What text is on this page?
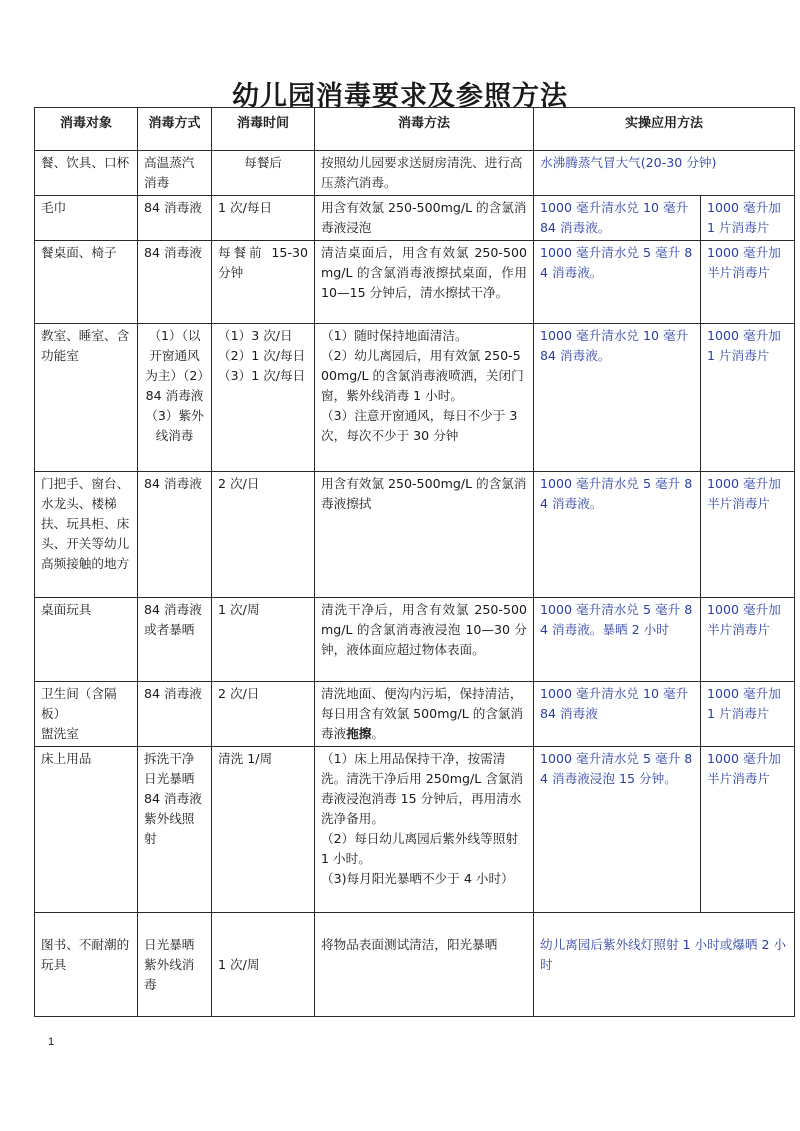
幼儿园消毒要求及参照方法
消毒对象	消毒方式	消毒时间	消毒方法	实操应用方法	
餐、饮具、口杯	高温蒸汽消毒	每餐后	按照幼儿园要求送厨房清洗、进行高压蒸汽消毒。	水沸腾蒸气冒大气(20-30 分钟)	
毛巾	84 消毒液	1 次/每日	用含有效氯 250-500mg/L 的含氯消毒液浸泡	1000 毫升清水兑 10 毫升 84 消毒液。	1000 毫升加 1 片消毒片
餐桌面、椅子	84 消毒液	每餐前 15-30 分钟	清洁桌面后，用含有效氯 250-500mg/L 的含氯消毒液擦拭桌面，作用 10—15 分钟后，清水擦拭干净。	1000 毫升清水兑 5 毫升 84 消毒液。	1000 毫升加半片消毒片
教室、睡室、含功能室	（1）（以开窗通风为主）（2）84 消毒液（3）紫外线消毒	（1）3 次/日
（2）1 次/每日
（3）1 次/每日	（1）随时保持地面清洁。
（2）幼儿离园后，用有效氯 250-500mg/L 的含氯消毒液喷洒，关闭门窗，紫外线消毒 1 小时。
（3）注意开窗通风，每日不少于 3 次，每次不少于 30 分钟	1000 毫升清水兑 10 毫升 84 消毒液。	1000 毫升加 1 片消毒片
门把手、窗台、水龙头、楼梯扶、玩具柜、床头、开关等幼儿高频接触的地方	84 消毒液	2 次/日	用含有效氯 250-500mg/L 的含氯消毒液擦拭	1000 毫升清水兑 5 毫升 84 消毒液。	1000 毫升加半片消毒片
桌面玩具	84 消毒液或者暴晒	1 次/周	清洗干净后，用含有效氯 250-500mg/L 的含氯消毒液浸泡 10—30 分钟，液体面应超过物体表面。	1000 毫升清水兑 5 毫升 84 消毒液。暴晒 2 小时	1000 毫升加半片消毒片

卫生间（含隔板）
盥洗室	84 消毒液	2 次/日	清洗地面、便沟内污垢，保持清洁，每日用含有效氯 500mg/L 的含氯消毒液拖擦。	1000 毫升清水兑 10 毫升 84 消毒液	1000 毫升加 1 片消毒片
床上用品	拆洗干净日光暴晒 84 消毒液紫外线照射	清洗 1/周	（1）床上用品保持干净，按需清洗。清洗干净后用 250mg/L 含氯消毒液浸泡消毒 15 分钟后，再用清水洗净备用。
（2）每日幼儿离园后紫外线等照射 1 小时。
（3)每月阳光暴晒不少于 4 小时）	1000 毫升清水兑 5 毫升 84 消毒液浸泡 15 分钟。	1000 毫升加半片消毒片
图书、不耐潮的玩具	日光暴晒紫外线消毒	1 次/周	将物品表面测试清洁，阳光暴晒	幼儿离园后紫外线灯照射 1 小时或爆晒 2 小时	
1
